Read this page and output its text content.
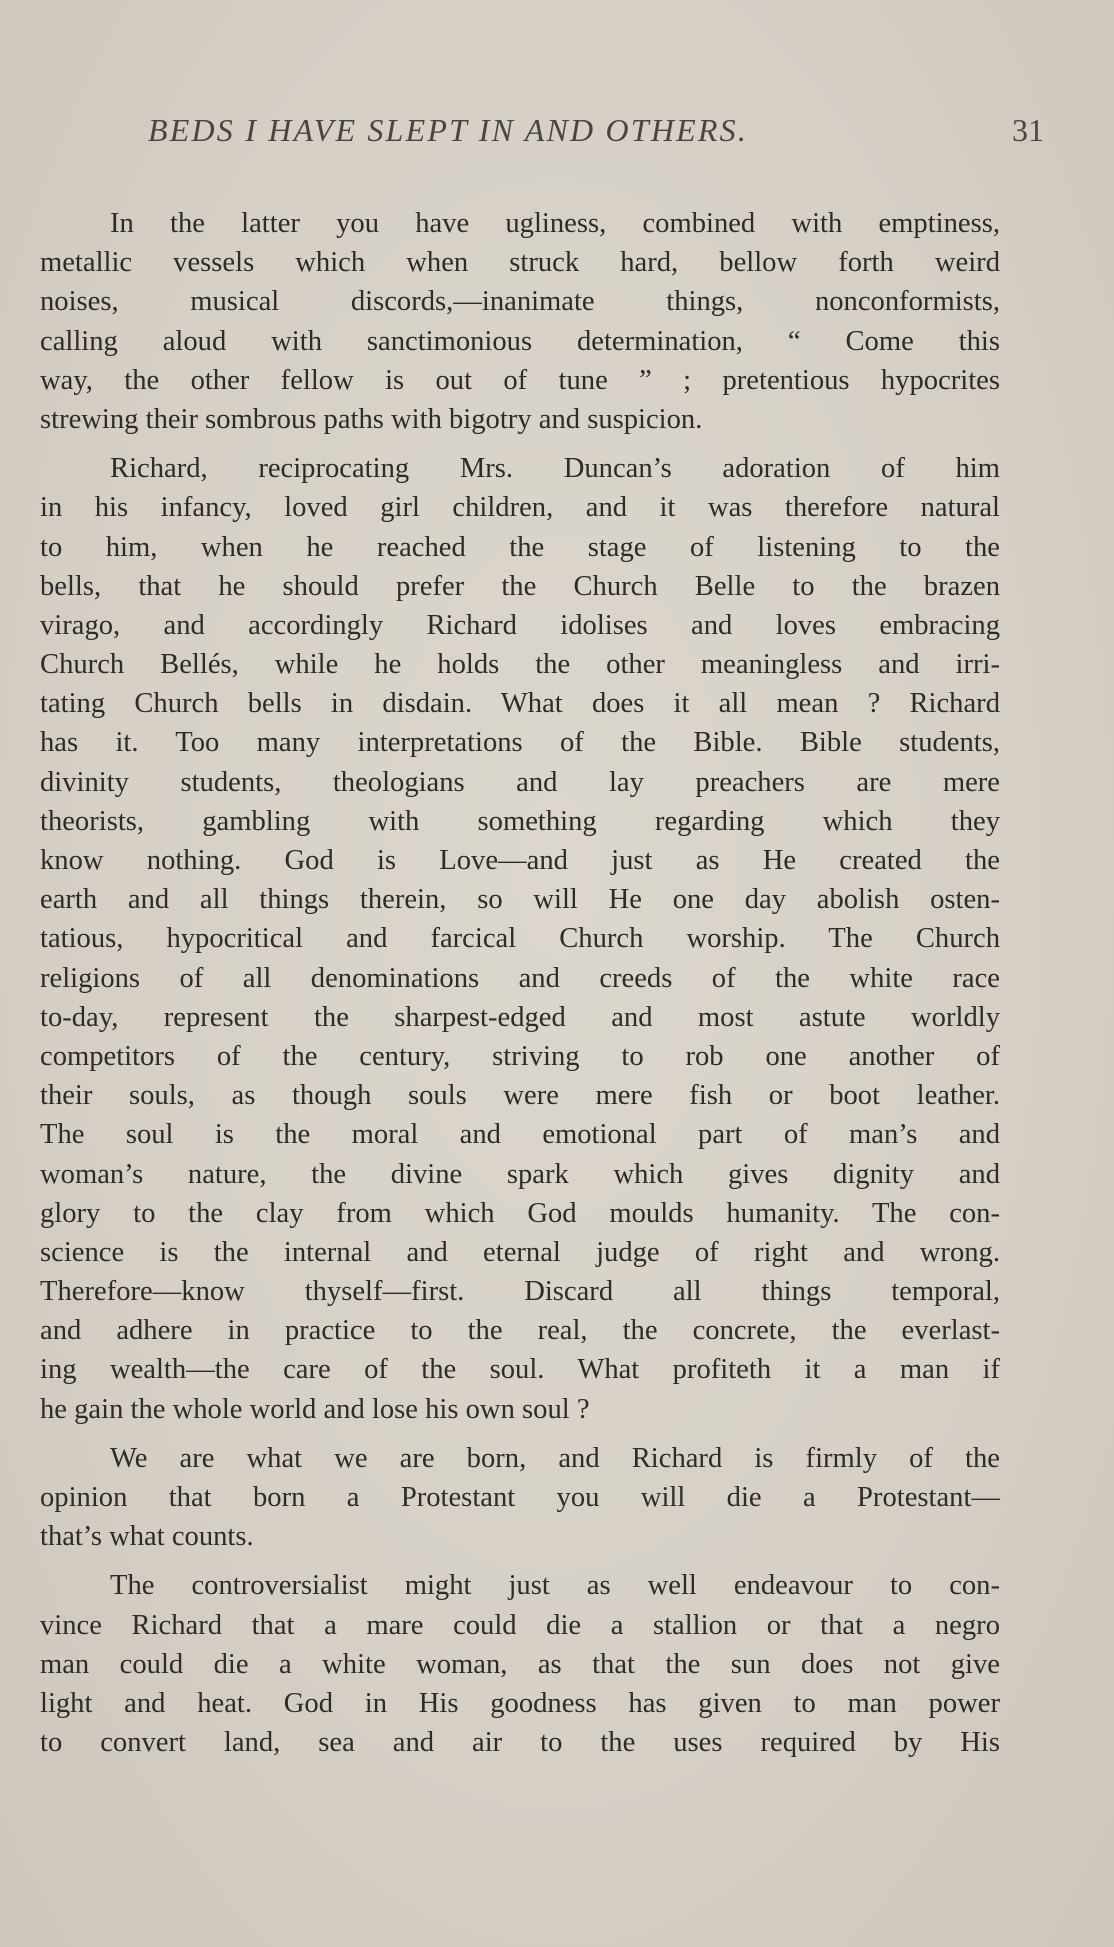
BEDS I HAVE SLEPT IN AND OTHERS.	31
In the latter you have ugliness, combined with emptiness,
metallic vessels which when struck hard, bellow forth weird
noises, musical discords,—inanimate things, nonconformists,
calling aloud with sanctimonious determination, “ Come this
way, the other fellow is out of tune ” ; pretentious hypocrites
strewing their sombrous paths with bigotry and suspicion.
Richard, reciprocating Mrs. Duncan’s adoration of him
in his infancy, loved girl children, and it was therefore natural
to him, when he reached the stage of listening to the
bells, that he should prefer the Church Belle to the brazen
virago, and accordingly Richard idolises and loves embracing
Church Bellés, while he holds the other meaningless and irri-
tating Church bells in disdain. What does it all mean ? Richard
has it. Too many interpretations of the Bible. Bible students,
divinity students, theologians and lay preachers are mere
theorists, gambling with something regarding which they
know nothing. God is Love—and just as He created the
earth and all things therein, so will He one day abolish osten-
tatious, hypocritical and farcical Church worship. The Church
religions of all denominations and creeds of the white race
to-day, represent the sharpest-edged and most astute worldly
competitors of the century, striving to rob one another of
their souls, as though souls were mere fish or boot leather.
The soul is the moral and emotional part of man’s and
woman’s nature, the divine spark which gives dignity and
glory to the clay from which God moulds humanity. The con-
science is the internal and eternal judge of right and wrong.
Therefore—know thyself—first. Discard all things temporal,
and adhere in practice to the real, the concrete, the everlast-
ing wealth—the care of the soul. What profiteth it a man if
he gain the whole world and lose his own soul ?
We are what we are born, and Richard is firmly of the
opinion that born a Protestant you will die a Protestant—
that’s what counts.
The controversialist might just as well endeavour to con-
vince Richard that a mare could die a stallion or that a negro
man could die a white woman, as that the sun does not give
light and heat. God in His goodness has given to man power
to convert land, sea and air to the uses required by His
